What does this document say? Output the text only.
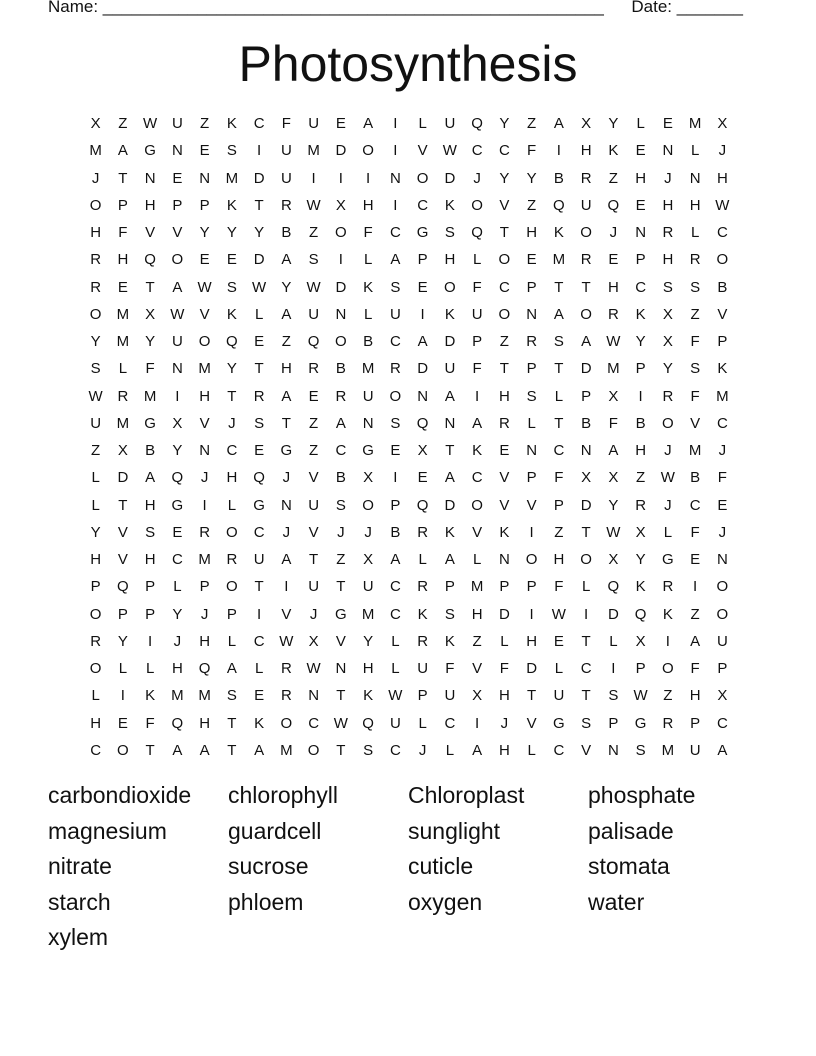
Name: _____________________________________________________ Date: _______
Photosynthesis
X	Z	W U	Z	K	C	F	U	E	A	I	L	U	Q	Y	Z	A	X	Y	L	E	M	X
M	A	G	N	E	S	I	U	M	D	O	I	V	W C	C	F	I	H	K	E	N	L	J
J	T	N	E	N	M	D	U	I	I	I	N	O	D	J	Y	Y	B	R	Z	H	J	N	H
O	P	H	P	P	K	T	R W	X	H	I	C	K	O	V	Z	Q	U	Q	E	H	H W
H	F	V	V	Y	Y	Y	B	Z	O	F	C	G	S	Q	T	H	K	O	J	N	R	L	C
R	H	Q	O	E	E	D	A	S	I	L	A	P	H	L	O	E	M	R	E	P	H	R	O
R	E	T	A	W	S	W	Y	W D	K	S	E	O	F	C	P	T	T	H	C	S	S	B
O	M	X	W	V	K	L	A	U	N	L	U	I	K	U	O	N	A	O	R	K	X	Z	V
Y	M	Y	U	O	Q	E	Z	Q	O	B	C	A	D	P	Z	R	S	A	W	Y	X	F	P
S	L	F	N	M	Y	T	H	R	B	M	R	D	U	F	T	P	T	D	M	P	Y	S	K
W R	M	I	H	T	R	A	E	R	U	O	N	A	I	H	S	L	P	X	I	R	F	M
U	M	G	X	V	J	S	T	Z	A	N	S	Q	N	A	R	L	T	B	F	B	O	V	C
Z	X	B	Y	N	C	E	G	Z	C	G	E	X	T	K	E	N	C	N	A	H	J	M	J
L	D	A	Q	J	H	Q	J	V	B	X	I	E	A	C	V	P	F	X	X	Z	W	B	F
L	T	H	G	I	L	G	N	U	S	O	P	Q	D	O	V	V	P	D	Y	R	J	C	E
Y	V	S	E	R	O	C	J	V	J	J	B	R	K	V	K	I	Z	T	W	X	L	F	J
H	V	H	C	M	R	U	A	T	Z	X	A	L	A	L	N	O	H	O	X	Y	G	E	N
P	Q	P	L	P	O	T	I	U	T	U	C	R	P	M	P	P	F	L	Q	K	R	I	O
O	P	P	Y	J	P	I	V	J	G	M	C	K	S	H	D	I	W	I	D	Q	K	Z	O
R	Y	I	J	H	L	C W	X	V	Y	L	R	K	Z	L	H	E	T	L	X	I	A	U
O	L	L	H	Q	A	L	R W N	H	L	U	F	V	F	D	L	C	I	P	O	F	P
L	I	K	M M	S	E	R	N	T	K	W	P	U	X	H	T	U	T	S	W	Z	H	X
H	E	F	Q	H	T	K	O	C W Q	U	L	C	I	J	V	G	S	P	G	R	P	C
C	O	T	A	A	T	A	M	O	T	S	C	J	L	A	H	L	C	V	N	S	M	U	A
carbondioxide	chlorophyll	Chloroplast	phosphate
magnesium	guardcell	sunglight	palisade
nitrate	sucrose	cuticle	stomata
starch	phloem	oxygen	water
xylem
